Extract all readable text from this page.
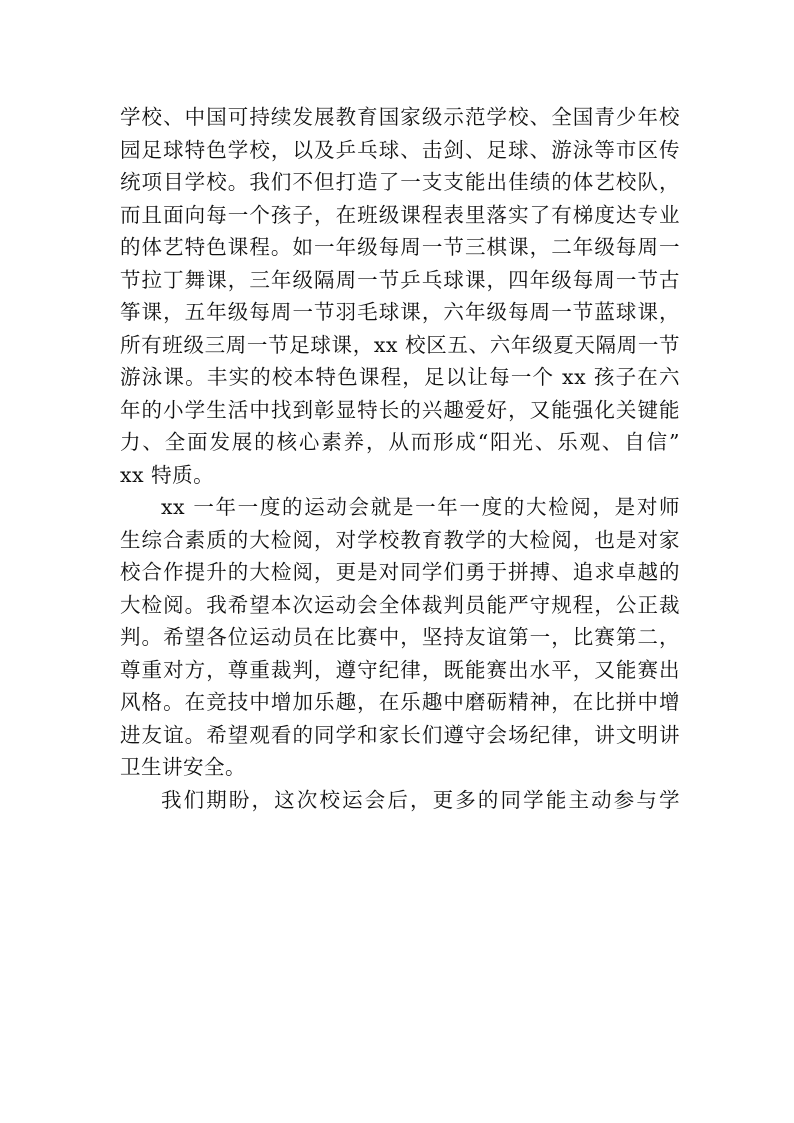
学校、中国可持续发展教育国家级示范学校、全国青少年校
园足球特色学校，以及乒乓球、击剑、足球、游泳等市区传
统项目学校。我们不但打造了一支支能出佳绩的体艺校队，
而且面向每一个孩子，在班级课程表里落实了有梯度达专业
的体艺特色课程。如一年级每周一节三棋课，二年级每周一
节拉丁舞课，三年级隔周一节乒乓球课，四年级每周一节古
筝课，五年级每周一节羽毛球课，六年级每周一节蓝球课，
所有班级三周一节足球课，xx 校区五、六年级夏天隔周一节
游泳课。丰实的校本特色课程，足以让每一个 xx 孩子在六
年的小学生活中找到彰显特长的兴趣爱好，又能强化关键能
力、全面发展的核心素养，从而形成“阳光、乐观、自信”
xx 特质。
xx 一年一度的运动会就是一年一度的大检阅，是对师
生综合素质的大检阅，对学校教育教学的大检阅，也是对家
校合作提升的大检阅，更是对同学们勇于拼搏、追求卓越的
大检阅。我希望本次运动会全体裁判员能严守规程，公正裁
判。希望各位运动员在比赛中，坚持友谊第一，比赛第二，
尊重对方，尊重裁判，遵守纪律，既能赛出水平，又能赛出
风格。在竞技中增加乐趣，在乐趣中磨砺精神，在比拼中增
进友谊。希望观看的同学和家长们遵守会场纪律，讲文明讲
卫生讲安全。
我们期盼，这次校运会后，更多的同学能主动参与学
